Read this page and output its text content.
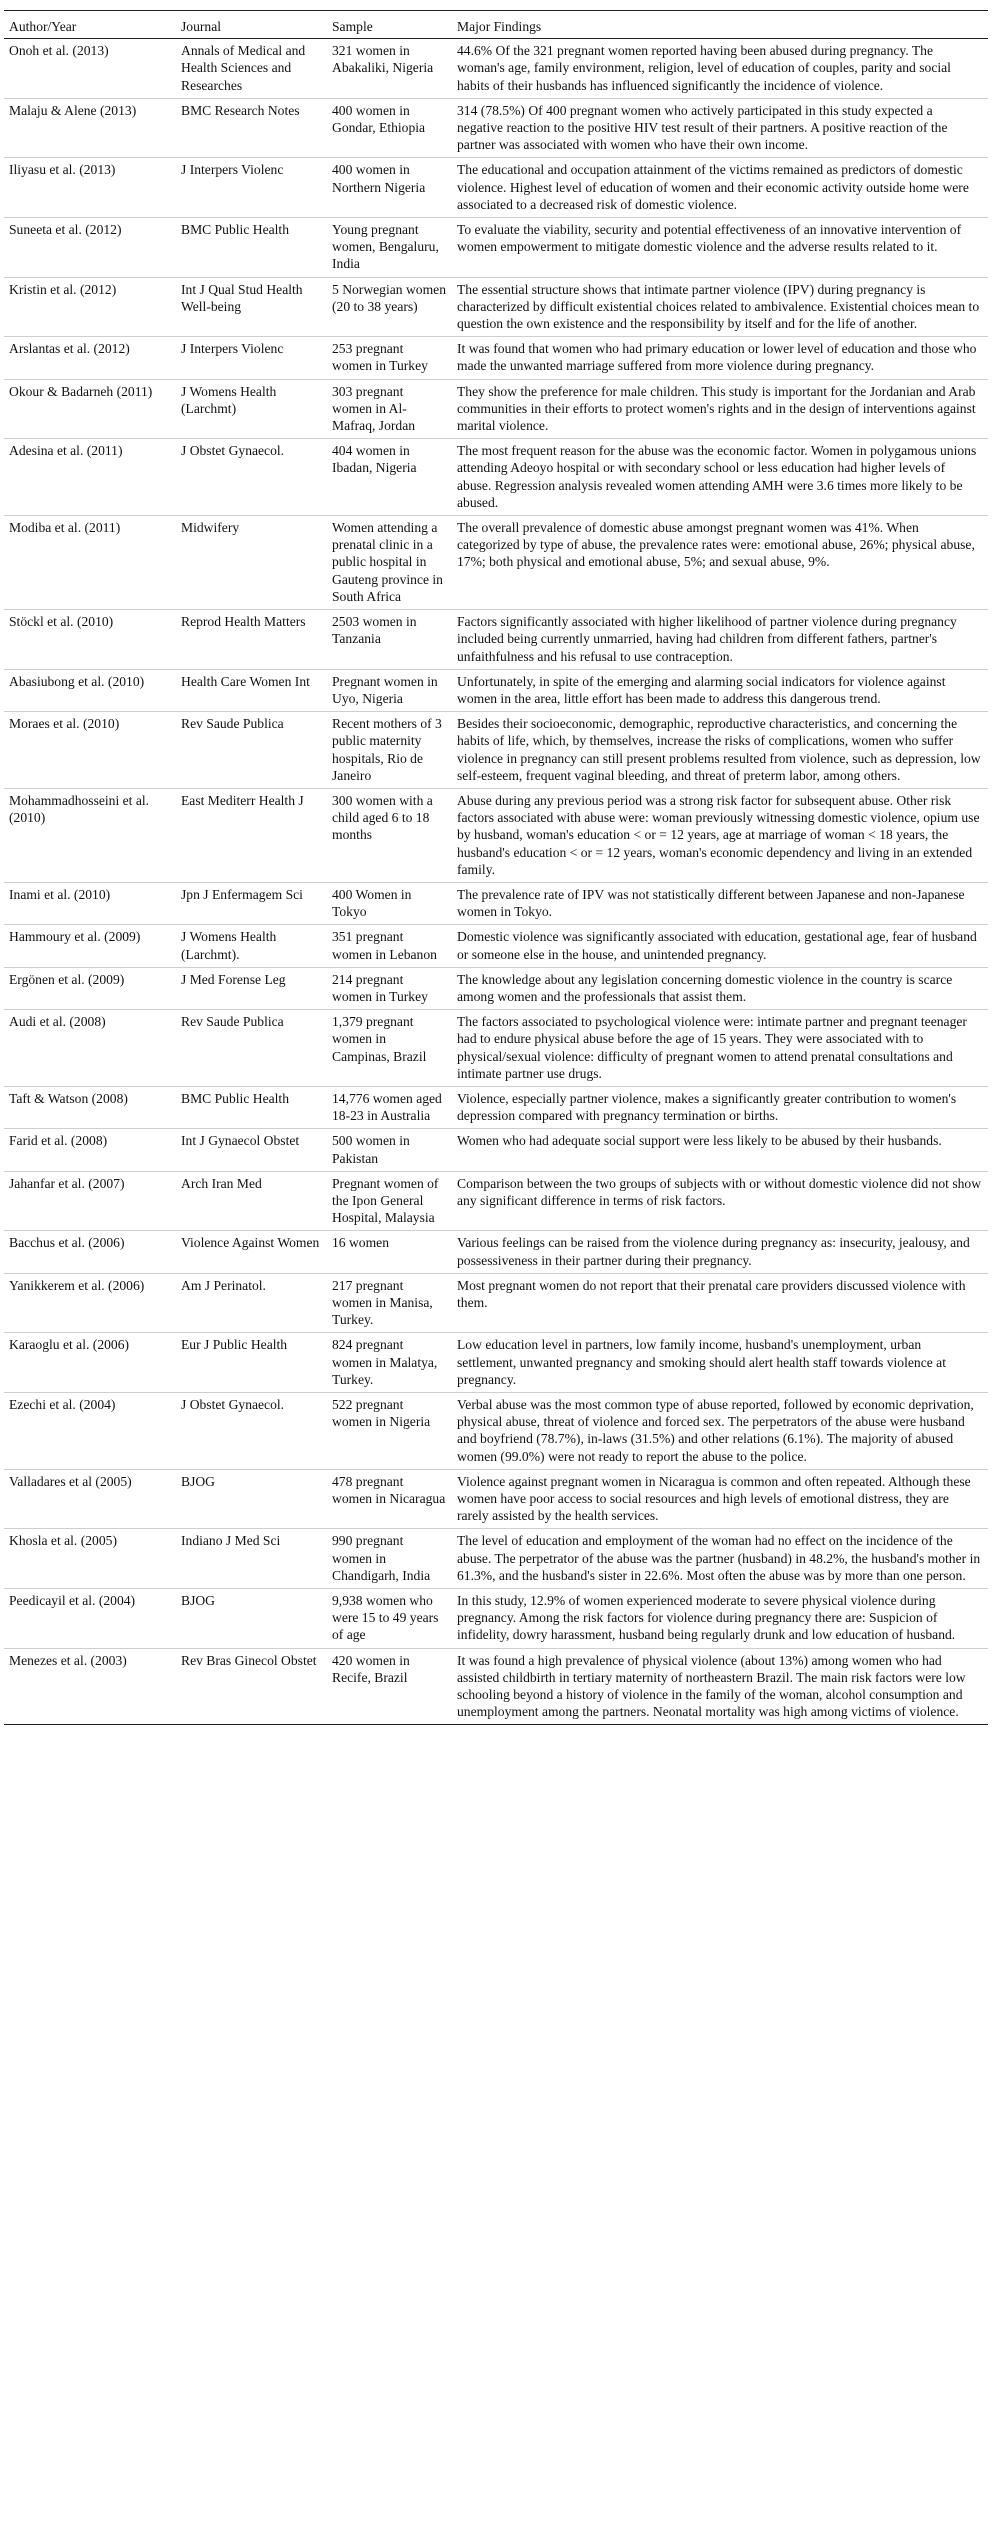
Author/Year	Journal	Sample	Major Findings
Onoh et al. (2013)	Annals of Medical and Health Sciences and Researches	321 women in Abakaliki, Nigeria	44.6% Of the 321 pregnant women reported having been abused during pregnancy. The woman's age, family environment, religion, level of education of couples, parity and social habits of their husbands has influenced significantly the incidence of violence.
Malaju & Alene (2013)	BMC Research Notes	400 women in Gondar, Ethiopia	314 (78.5%) Of 400 pregnant women who actively participated in this study expected a negative reaction to the positive HIV test result of their partners. A positive reaction of the partner was associated with women who have their own income.
Iliyasu et al. (2013)	J Interpers Violenc	400 women in Northern Nigeria	The educational and occupation attainment of the victims remained as predictors of domestic violence. Highest level of education of women and their economic activity outside home were associated to a decreased risk of domestic violence.
Suneeta et al. (2012)	BMC Public Health	Young pregnant women, Bengaluru, India	To evaluate the viability, security and potential effectiveness of an innovative intervention of women empowerment to mitigate domestic violence and the adverse results related to it.
Kristin et al. (2012)	Int J Qual Stud Health Well-being	5 Norwegian women (20 to 38 years)	The essential structure shows that intimate partner violence (IPV) during pregnancy is characterized by difficult existential choices related to ambivalence. Existential choices mean to question the own existence and the responsibility by itself and for the life of another.
Arslantas et al. (2012)	J Interpers Violenc	253 pregnant women in Turkey	It was found that women who had primary education or lower level of education and those who made the unwanted marriage suffered from more violence during pregnancy.
Okour & Badarneh (2011)	J Womens Health (Larchmt)	303 pregnant women in Al-Mafraq, Jordan	They show the preference for male children. This study is important for the Jordanian and Arab communities in their efforts to protect women's rights and in the design of interventions against marital violence.
Adesina et al. (2011)	J Obstet Gynaecol.	404 women in Ibadan, Nigeria	The most frequent reason for the abuse was the economic factor. Women in polygamous unions attending Adeoyo hospital or with secondary school or less education had higher levels of abuse. Regression analysis revealed women attending AMH were 3.6 times more likely to be abused.
Modiba et al. (2011)	Midwifery	Women attending a prenatal clinic in a public hospital in Gauteng province in South Africa	The overall prevalence of domestic abuse amongst pregnant women was 41%. When categorized by type of abuse, the prevalence rates were: emotional abuse, 26%; physical abuse, 17%; both physical and emotional abuse, 5%; and sexual abuse, 9%.
Stöckl et al. (2010)	Reprod Health Matters	2503 women in Tanzania	Factors significantly associated with higher likelihood of partner violence during pregnancy included being currently unmarried, having had children from different fathers, partner's unfaithfulness and his refusal to use contraception.
Abasiubong et al. (2010)	Health Care Women Int	Pregnant women in Uyo, Nigeria	Unfortunately, in spite of the emerging and alarming social indicators for violence against women in the area, little effort has been made to address this dangerous trend.
Moraes et al. (2010)	Rev Saude Publica	Recent mothers of 3 public maternity hospitals, Rio de Janeiro	Besides their socioeconomic, demographic, reproductive characteristics, and concerning the habits of life, which, by themselves, increase the risks of complications, women who suffer violence in pregnancy can still present problems resulted from violence, such as depression, low self-esteem, frequent vaginal bleeding, and threat of preterm labor, among others.
Mohammadhosseini et al. (2010)	East Mediterr Health J	300 women with a child aged 6 to 18 months	Abuse during any previous period was a strong risk factor for subsequent abuse. Other risk factors associated with abuse were: woman previously witnessing domestic violence, opium use by husband, woman's education < or = 12 years, age at marriage of woman < 18 years, the husband's education < or = 12 years, woman's economic dependency and living in an extended family.
Inami et al. (2010)	Jpn J Enfermagem Sci	400 Women in Tokyo	The prevalence rate of IPV was not statistically different between Japanese and non-Japanese women in Tokyo.
Hammoury et al. (2009)	J Womens Health (Larchmt).	351 pregnant women in Lebanon	Domestic violence was significantly associated with education, gestational age, fear of husband or someone else in the house, and unintended pregnancy.
Ergönen et al. (2009)	J Med Forense Leg	214 pregnant women in Turkey	The knowledge about any legislation concerning domestic violence in the country is scarce among women and the professionals that assist them.
Audi et al. (2008)	Rev Saude Publica	1,379 pregnant women in Campinas, Brazil	The factors associated to psychological violence were: intimate partner and pregnant teenager had to endure physical abuse before the age of 15 years. They were associated with to physical/sexual violence: difficulty of pregnant women to attend prenatal consultations and intimate partner use drugs.
Taft & Watson (2008)	BMC Public Health	14,776 women aged 18-23 in Australia	Violence, especially partner violence, makes a significantly greater contribution to women's depression compared with pregnancy termination or births.
Farid et al. (2008)	Int J Gynaecol Obstet	500 women in Pakistan	Women who had adequate social support were less likely to be abused by their husbands.
Jahanfar et al. (2007)	Arch Iran Med	Pregnant women of the Ipon General Hospital, Malaysia	Comparison between the two groups of subjects with or without domestic violence did not show any significant difference in terms of risk factors.
Bacchus et al. (2006)	Violence Against Women	16 women	Various feelings can be raised from the violence during pregnancy as: insecurity, jealousy, and possessiveness in their partner during their pregnancy.
Yanikkerem et al. (2006)	Am J Perinatol.	217 pregnant women in Manisa, Turkey.	Most pregnant women do not report that their prenatal care providers discussed violence with them.
Karaoglu et al. (2006)	Eur J Public Health	824 pregnant women in Malatya, Turkey.	Low education level in partners, low family income, husband's unemployment, urban settlement, unwanted pregnancy and smoking should alert health staff towards violence at pregnancy.
Ezechi et al. (2004)	J Obstet Gynaecol.	522 pregnant women in Nigeria	Verbal abuse was the most common type of abuse reported, followed by economic deprivation, physical abuse, threat of violence and forced sex. The perpetrators of the abuse were husband and boyfriend (78.7%), in-laws (31.5%) and other relations (6.1%). The majority of abused women (99.0%) were not ready to report the abuse to the police.
Valladares et al (2005)	BJOG	478 pregnant women in Nicaragua	Violence against pregnant women in Nicaragua is common and often repeated. Although these women have poor access to social resources and high levels of emotional distress, they are rarely assisted by the health services.
Khosla et al. (2005)	Indiano J Med Sci	990 pregnant women in Chandigarh, India	The level of education and employment of the woman had no effect on the incidence of the abuse. The perpetrator of the abuse was the partner (husband) in 48.2%, the husband's mother in 61.3%, and the husband's sister in 22.6%. Most often the abuse was by more than one person.
Peedicayil et al. (2004)	BJOG	9,938 women who were 15 to 49 years of age	In this study, 12.9% of women experienced moderate to severe physical violence during pregnancy. Among the risk factors for violence during pregnancy there are: Suspicion of infidelity, dowry harassment, husband being regularly drunk and low education of husband.
Menezes et al. (2003)	Rev Bras Ginecol Obstet	420 women in Recife, Brazil	It was found a high prevalence of physical violence (about 13%) among women who had assisted childbirth in tertiary maternity of northeastern Brazil. The main risk factors were low schooling beyond a history of violence in the family of the woman, alcohol consumption and unemployment among the partners. Neonatal mortality was high among victims of violence.
